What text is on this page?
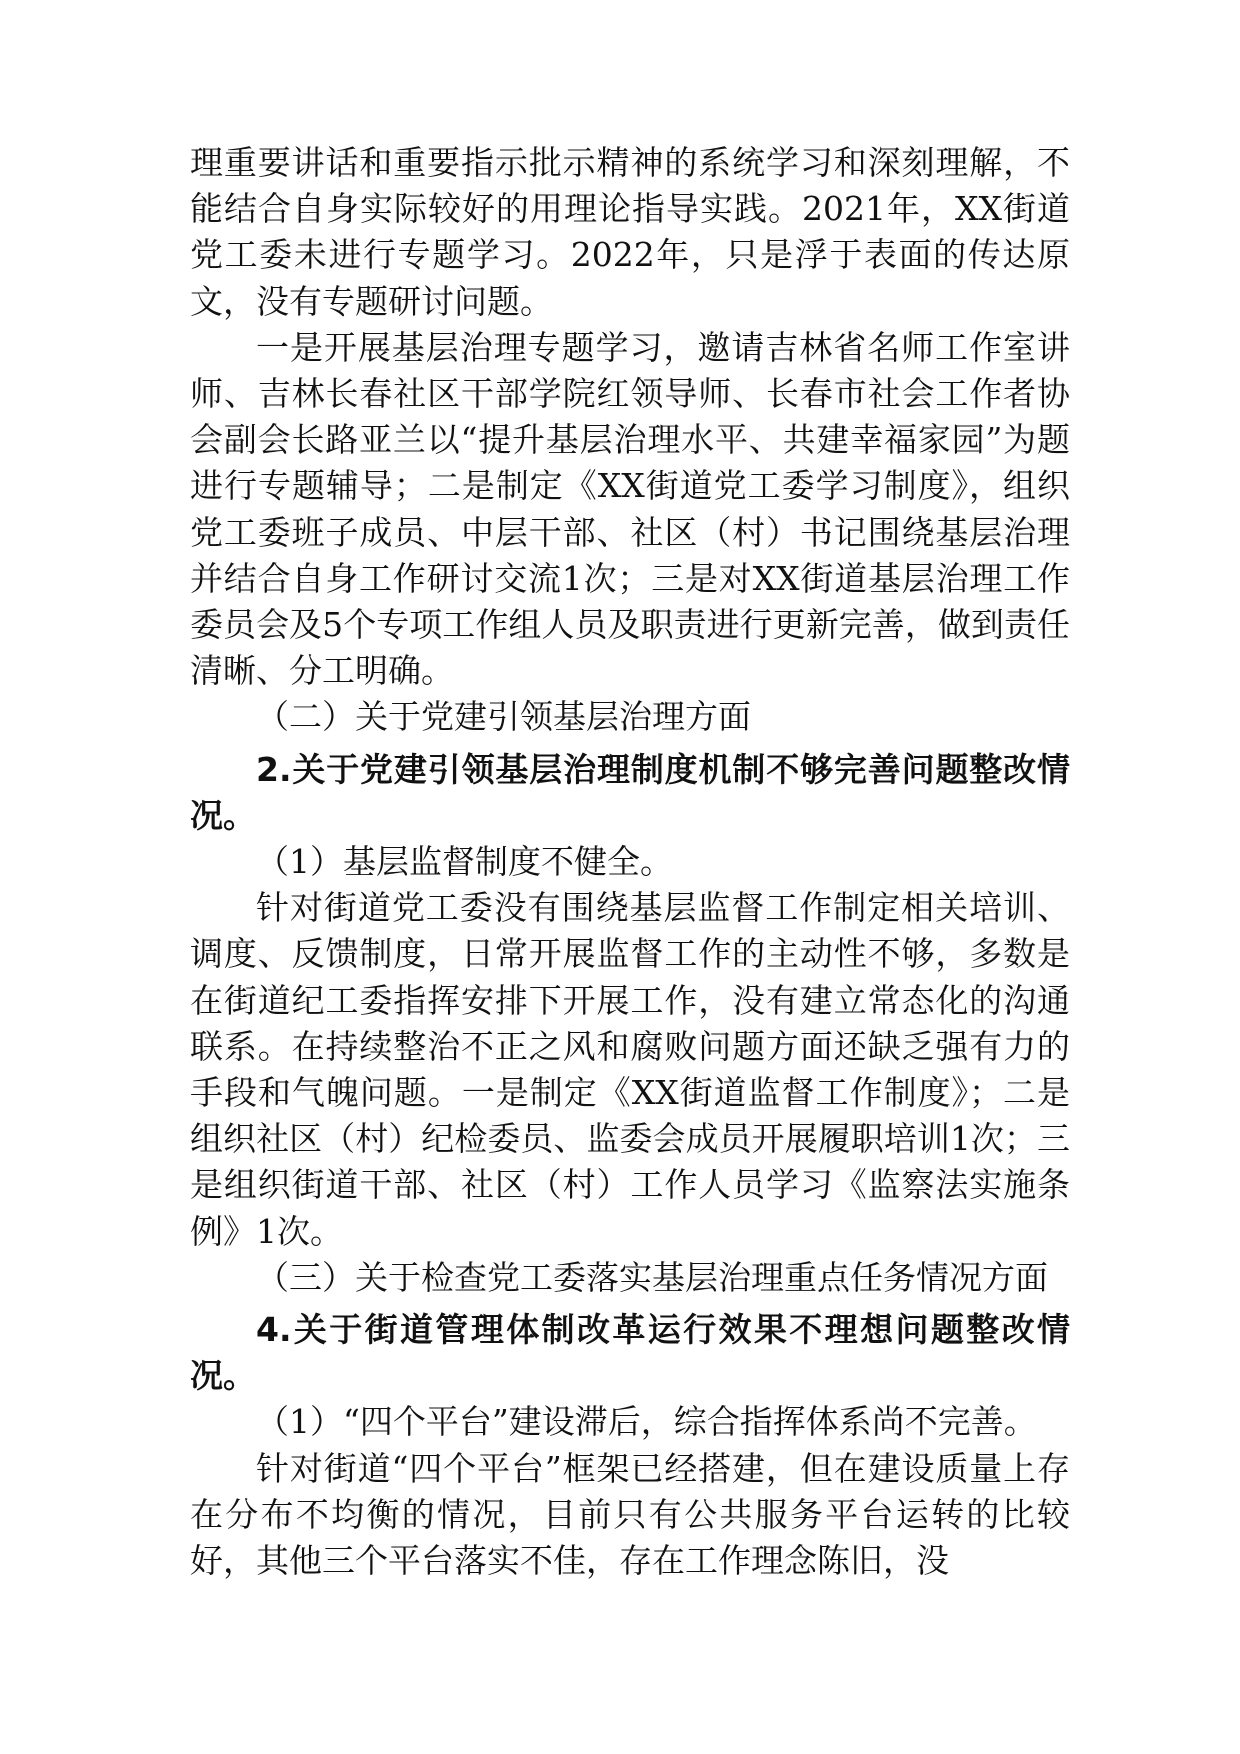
理重要讲话和重要指示批示精神的系统学习和深刻理解，不能结合自身实际较好的用理论指导实践。2021年，XX街道党工委未进行专题学习。2022年，只是浮于表面的传达原文，没有专题研讨问题。

一是开展基层治理专题学习，邀请吉林省名师工作室讲师、吉林长春社区干部学院红领导师、长春市社会工作者协会副会长路亚兰以“提升基层治理水平、共建幸福家园”为题进行专题辅导；二是制定《XX街道党工委学习制度》，组织党工委班子成员、中层干部、社区（村）书记围绕基层治理并结合自身工作研讨交流1次；三是对XX街道基层治理工作委员会及5个专项工作组人员及职责进行更新完善，做到责任清晰、分工明确。

（二）关于党建引领基层治理方面

2.关于党建引领基层治理制度机制不够完善问题整改情况。

（1）基层监督制度不健全。

针对街道党工委没有围绕基层监督工作制定相关培训、调度、反馈制度，日常开展监督工作的主动性不够，多数是在街道纪工委指挥安排下开展工作，没有建立常态化的沟通联系。在持续整治不正之风和腐败问题方面还缺乏强有力的手段和气魄问题。一是制定《XX街道监督工作制度》；二是组织社区（村）纪检委员、监委会成员开展履职培训1次；三是组织街道干部、社区（村）工作人员学习《监察法实施条例》1次。

（三）关于检查党工委落实基层治理重点任务情况方面

4.关于街道管理体制改革运行效果不理想问题整改情况。

（1）“四个平台”建设滞后，综合指挥体系尚不完善。

针对街道“四个平台”框架已经搭建，但在建设质量上存在分布不均衡的情况，目前只有公共服务平台运转的比较好，其他三个平台落实不佳，存在工作理念陈旧，没
